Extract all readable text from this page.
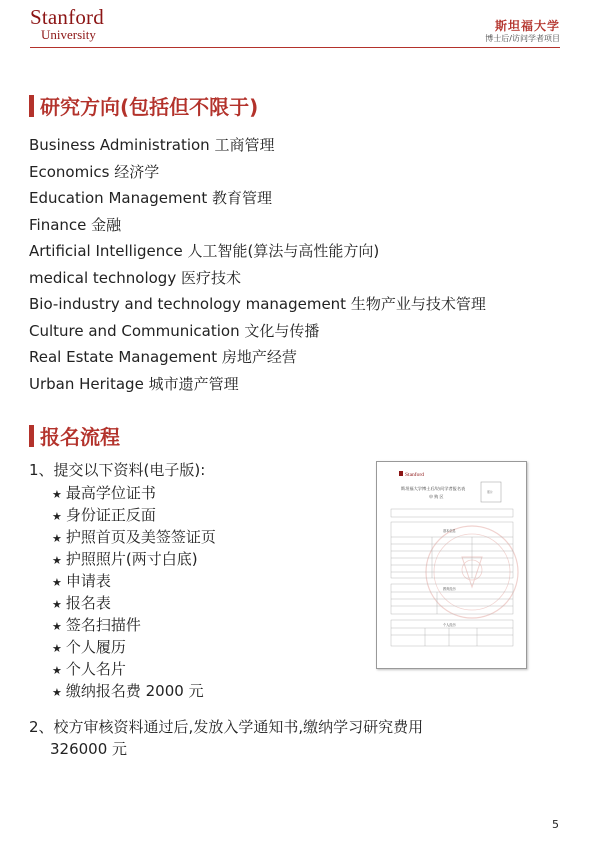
Stanford
University
斯坦福大学
博士后/访问学者项目
研究方向(包括但不限于)
Business Administration 工商管理
Economics 经济学
Education Management 教育管理
Finance 金融
Artificial Intelligence 人工智能(算法与高性能方向)
medical technology 医疗技术
Bio-industry and technology management 生物产业与技术管理
Culture and Communication 文化与传播
Real Estate Management 房地产经营
Urban Heritage 城市遗产管理
报名流程
1、提交以下资料(电子版):
★ 最高学位证书
★ 身份证正反面
★ 护照首页及美签签证页
★ 护照照片(两寸白底)
★ 申请表
★ 报名表
★ 签名扫描件
★ 个人履历
★ 个人名片
★ 缴纳报名费 2000 元
Stanford
斯坦福大学博士后/访问学者报名表
申 购 区
照片
基本信息
教育经历
个人经历
2、校方审核资料通过后,发放入学通知书,缴纳学习研究费用
326000 元
5
